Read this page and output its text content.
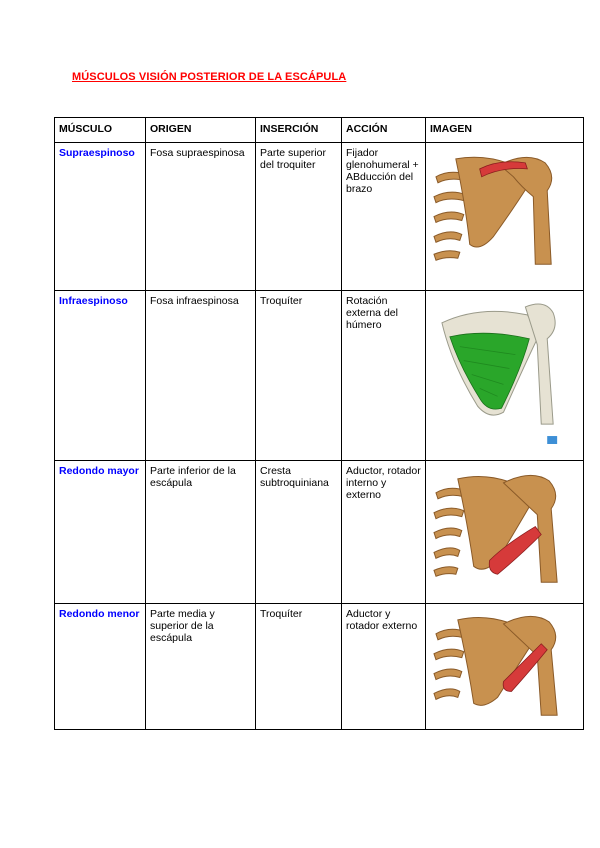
MÚSCULOS VISIÓN POSTERIOR DE LA ESCÁPULA
MÚSCULO	ORIGEN	INSERCIÓN	ACCIÓN	IMAGEN
Supraespinoso	Fosa supraespinosa	Parte superior del troquiter	Fijador glenohumeral + ABducción del brazo	

Infraespinoso	Fosa infraespinosa	Troquíter	Rotación externa del húmero	

Redondo mayor	Parte inferior de la escápula	Cresta subtroquiniana	Aductor, rotador interno y externo	

Redondo menor	Parte media y superior de la escápula	Troquíter	Aductor y rotador externo	
